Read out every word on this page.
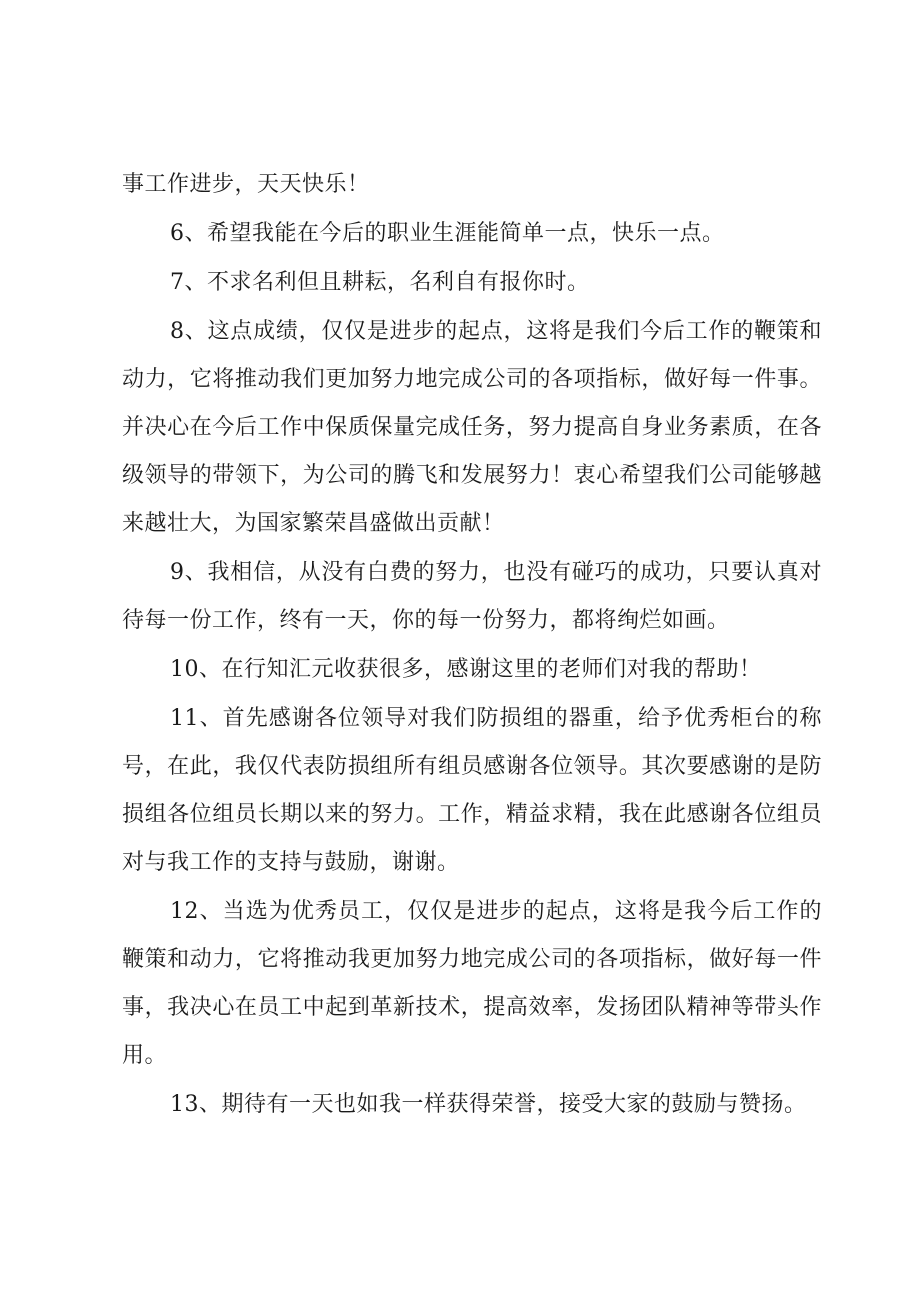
事工作进步，天天快乐！

6、希望我能在今后的职业生涯能简单一点，快乐一点。

7、不求名利但且耕耘，名利自有报你时。

8、这点成绩，仅仅是进步的起点，这将是我们今后工作的鞭策和动力，它将推动我们更加努力地完成公司的各项指标，做好每一件事。并决心在今后工作中保质保量完成任务，努力提高自身业务素质，在各级领导的带领下，为公司的腾飞和发展努力！衷心希望我们公司能够越来越壮大，为国家繁荣昌盛做出贡献！

9、我相信，从没有白费的努力，也没有碰巧的成功，只要认真对待每一份工作，终有一天，你的每一份努力，都将绚烂如画。

10、在行知汇元收获很多，感谢这里的老师们对我的帮助！

11、首先感谢各位领导对我们防损组的器重，给予优秀柜台的称号，在此，我仅代表防损组所有组员感谢各位领导。其次要感谢的是防损组各位组员长期以来的努力。工作，精益求精，我在此感谢各位组员对与我工作的支持与鼓励，谢谢。

12、当选为优秀员工，仅仅是进步的起点，这将是我今后工作的鞭策和动力，它将推动我更加努力地完成公司的各项指标，做好每一件事，我决心在员工中起到革新技术，提高效率，发扬团队精神等带头作用。

13、期待有一天也如我一样获得荣誉，接受大家的鼓励与赞扬。
